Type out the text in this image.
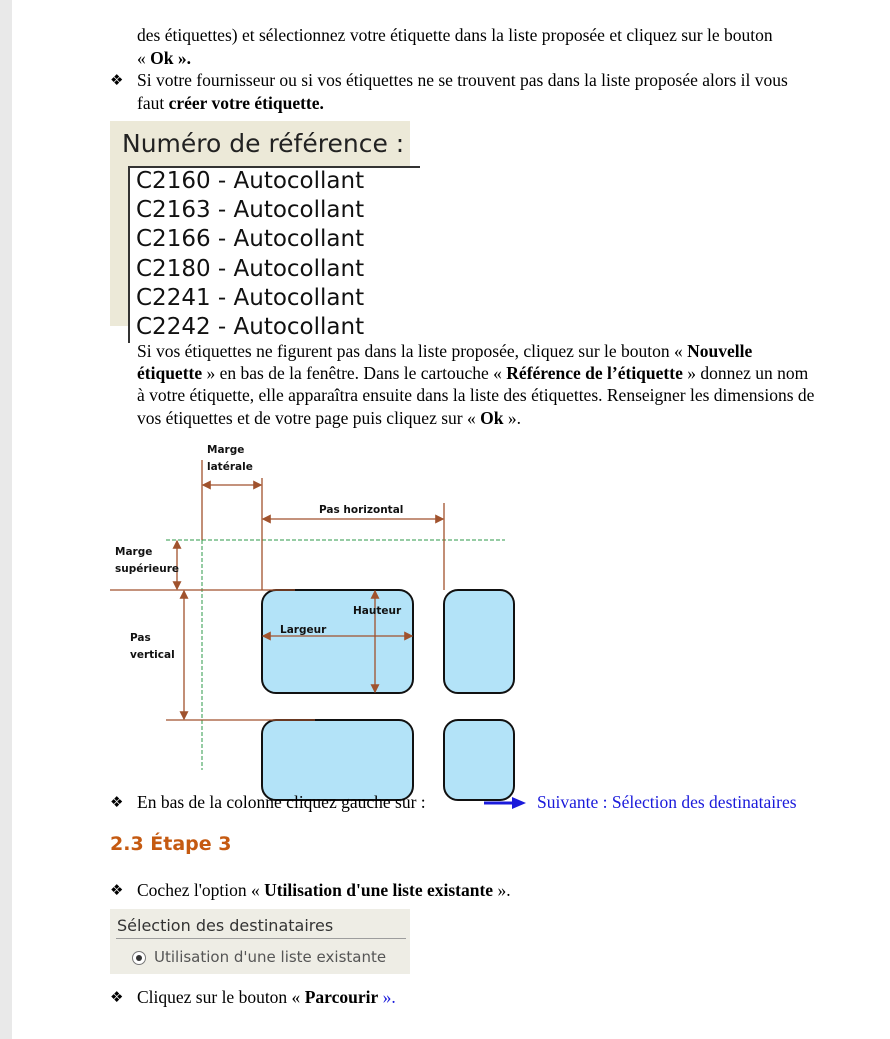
des étiquettes) et sélectionnez votre étiquette dans la liste proposée et cliquez sur le bouton
« Ok ».
❖ Si votre fournisseur ou si vos étiquettes ne se trouvent pas dans la liste proposée alors il vous
faut créer votre étiquette.
Numéro de référence :
C2160 - Autocollant
C2163 - Autocollant
C2166 - Autocollant
C2180 - Autocollant
C2241 - Autocollant
C2242 - Autocollant
Si vos étiquettes ne figurent pas dans la liste proposée, cliquez sur le bouton « Nouvelle
étiquette » en bas de la fenêtre. Dans le cartouche « Référence de l’étiquette » donnez un nom
à votre étiquette, elle apparaîtra ensuite dans la liste des étiquettes. Renseigner les dimensions de
vos étiquettes et de votre page puis cliquez sur « Ok ».
Marge
latérale
Pas horizontal
Marge
supérieure
Pas
vertical
Hauteur
Largeur
❖ En bas de la colonne cliquez gauche sur :	Suivante : Sélection des destinataires
2.3 Étape 3
❖ Cochez l'option « Utilisation d'une liste existante ».
Sélection des destinataires
Utilisation d'une liste existante
❖ Cliquez sur le bouton « Parcourir ».
